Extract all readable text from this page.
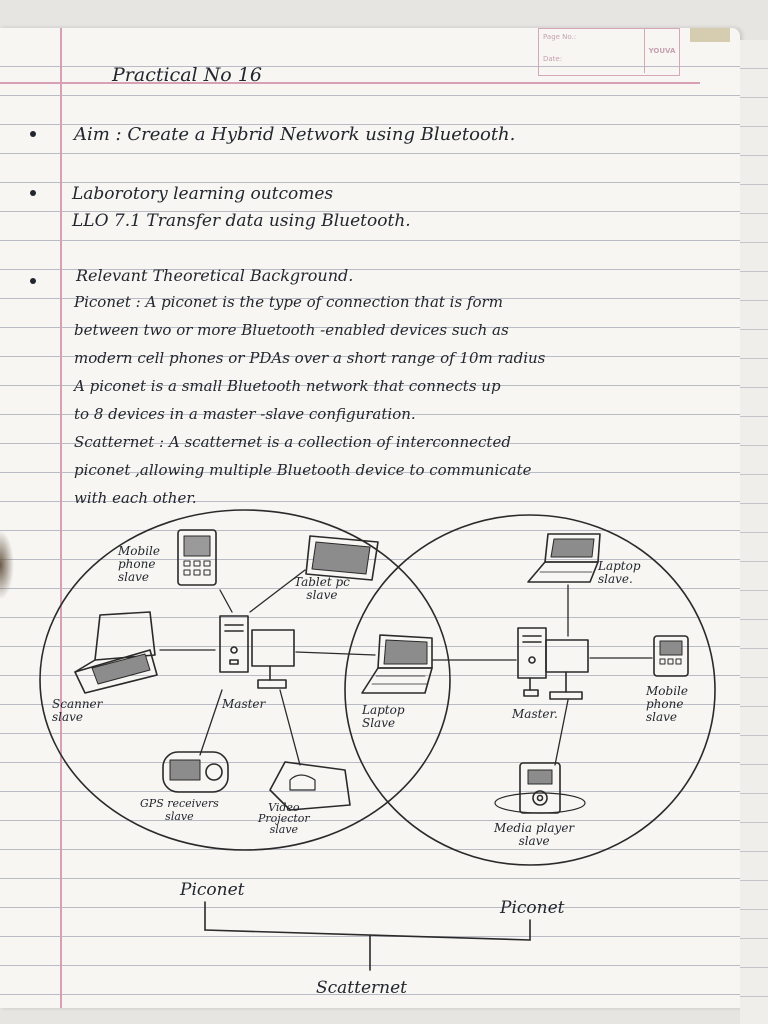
Page No.:
Date:
YOUVA
Practical No 16
Aim : Create a Hybrid Network using Bluetooth.
Laborotory learning outcomes
LLO 7.1 Transfer data using Bluetooth.
Relevant Theoretical Background.
Piconet : A piconet is the type of connection that is form
between two or more Bluetooth -enabled devices such as
modern cell phones or PDAs over a short range of 10m radius
A piconet is a small Bluetooth network that connects up
to 8 devices in a master -slave configuration.
Scatternet : A scatternet is a collection of interconnected
piconet ,allowing multiple Bluetooth device to communicate
with each other.
Mobile
phone
slave	Tablet pc
slave
Scanner
slave
Master
GPS receivers
slave
Video
Projector
slave
Laptop
Slave
Laptop
slave.
Master.
Mobile
phone
slave
Media player
slave
Piconet
Piconet
Scatternet
